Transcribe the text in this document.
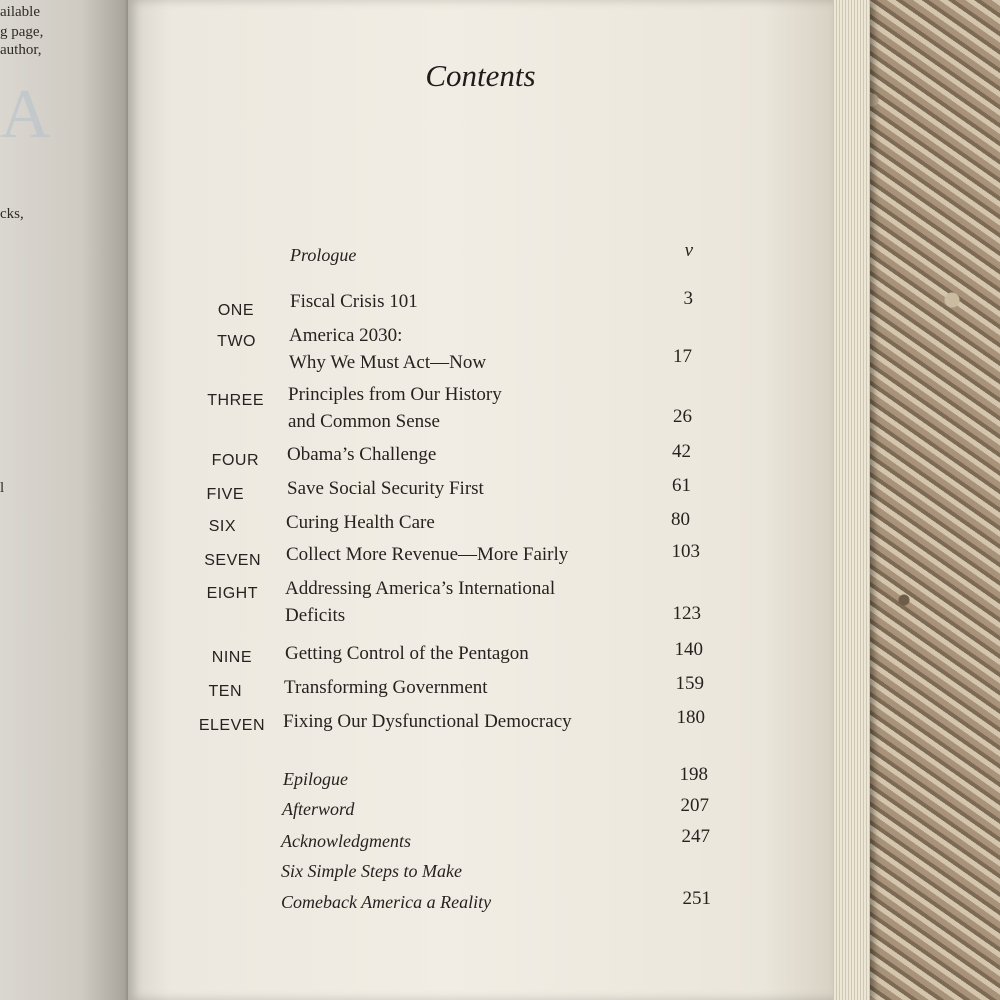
A
ailable
g page,
author,
cks,
l
Contents
Prologue	v
ONE Fiscal Crisis 101	3
TWO America 2030:
Why We Must Act—Now	17
THREE Principles from Our History
and Common Sense	26
FOUR Obama’s Challenge	42
FIVE Save Social Security First	61
SIX	Curing Health Care	80
SEVEN Collect More Revenue—More Fairly	103
EIGHT Addressing America’s International
Deficits	123
NINE Getting Control of the Pentagon	140
TEN Transforming Government	159
ELEVEN Fixing Our Dysfunctional Democracy	180
Epilogue	198
Afterword	207
Acknowledgments	247
Six Simple Steps to Make
Comeback America a Reality	251
